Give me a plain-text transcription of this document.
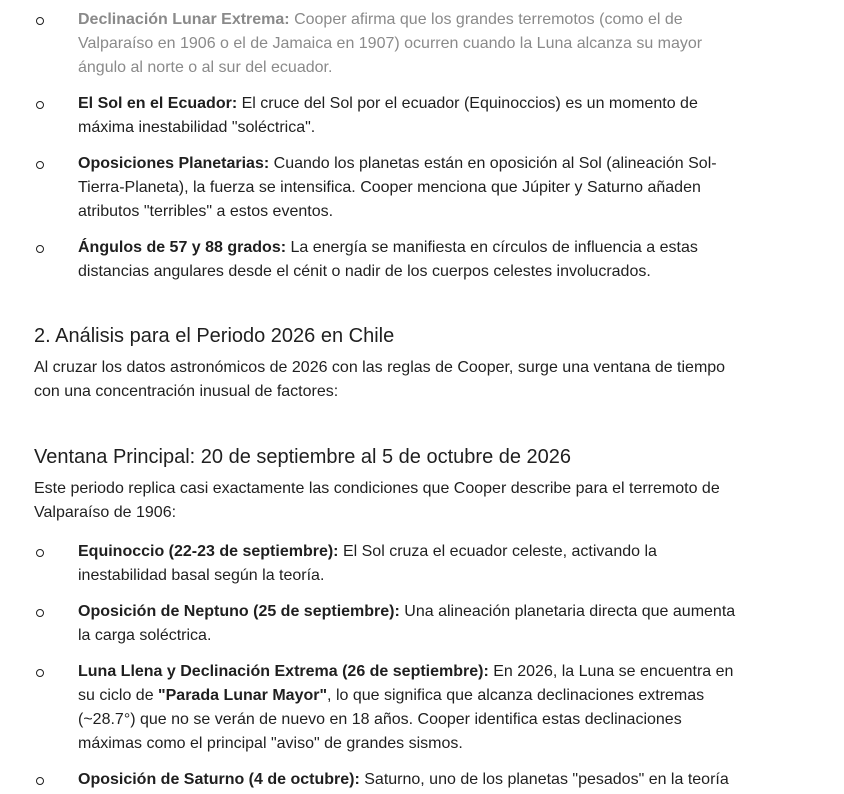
Declinación Lunar Extrema: Cooper afirma que los grandes terremotos (como el de Valparaíso en 1906 o el de Jamaica en 1907) ocurren cuando la Luna alcanza su mayor ángulo al norte o al sur del ecuador.
El Sol en el Ecuador: El cruce del Sol por el ecuador (Equinoccios) es un momento de máxima inestabilidad "soléctrica".
Oposiciones Planetarias: Cuando los planetas están en oposición al Sol (alineación Sol-Tierra-Planeta), la fuerza se intensifica. Cooper menciona que Júpiter y Saturno añaden atributos "terribles" a estos eventos.
Ángulos de 57 y 88 grados: La energía se manifiesta en círculos de influencia a estas distancias angulares desde el cénit o nadir de los cuerpos celestes involucrados.
2. Análisis para el Periodo 2026 en Chile

Al cruzar los datos astronómicos de 2026 con las reglas de Cooper, surge una ventana de tiempo con una concentración inusual de factores:

Ventana Principal: 20 de septiembre al 5 de octubre de 2026

Este periodo replica casi exactamente las condiciones que Cooper describe para el terremoto de Valparaíso de 1906:

Equinoccio (22-23 de septiembre): El Sol cruza el ecuador celeste, activando la inestabilidad basal según la teoría.
Oposición de Neptuno (25 de septiembre): Una alineación planetaria directa que aumenta la carga soléctrica.
Luna Llena y Declinación Extrema (26 de septiembre): En 2026, la Luna se encuentra en su ciclo de "Parada Lunar Mayor", lo que significa que alcanza declinaciones extremas (~28.7°) que no se verán de nuevo en 18 años. Cooper identifica estas declinaciones máximas como el principal "aviso" de grandes sismos.
Oposición de Saturno (4 de octubre): Saturno, uno de los planetas "pesados" en la teoría
